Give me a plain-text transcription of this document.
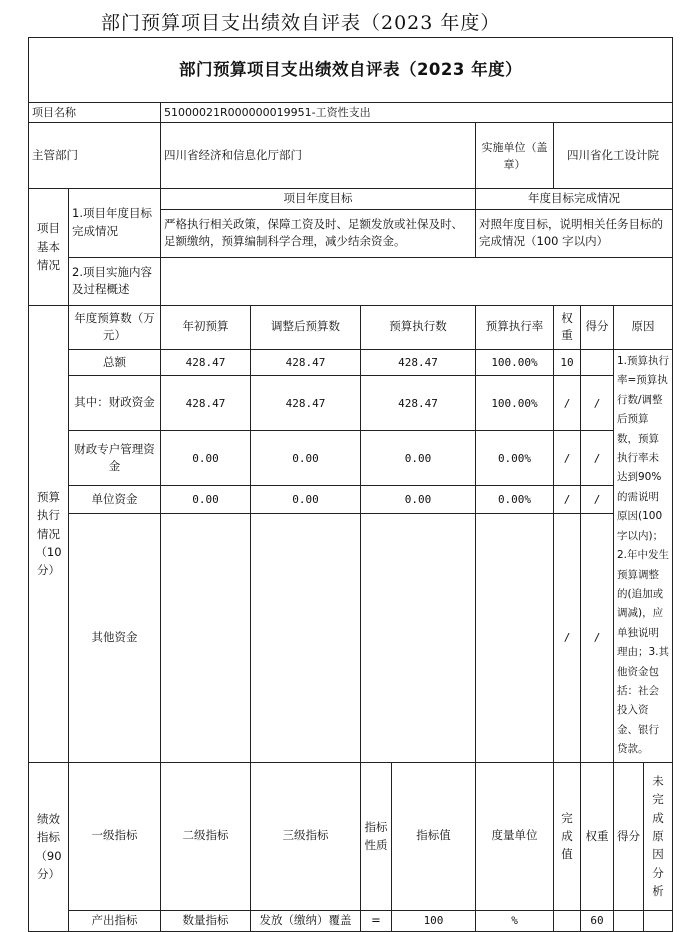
部门预算项目支出绩效自评表（2023 年度）
部门预算项目支出绩效自评表（2023 年度）										
项目名称		51000021R000000019951-工资性支出								
主管部门		四川省经济和信息化厅部门				实施单位（盖章）	四川省化工设计院			
项目基本情况	1.项目年度目标完成情况	项目年度目标				年度目标完成情况				
		严格执行相关政策，保障工资及时、足额发放或社保及时、足额缴纳，预算编制科学合理，减少结余资金。				对照年度目标，说明相关任务目标的完成情况（100 字以内）				
	2.项目实施内容及过程概述									
预算执行情况（10分）	年度预算数（万元）	年初预算	调整后预算数	预算执行数		预算执行率	权重	得分	原因	
	总额	428.47	428.47	428.47		100.00%	10		1.预算执行率=预算执行数/调整后预算数，预算执行率未达到90%的需说明原因(100 字以内)；2.年中发生预算调整的(追加或调减)，应单独说明理由；3.其他资金包括：社会投入资金、银行贷款。	
	其中：财政资金	428.47	428.47	428.47		100.00%	/	/		
	财政专户管理资金	0.00	0.00	0.00		0.00%	/	/		
	单位资金	0.00	0.00	0.00		0.00%	/	/		
	其他资金						/	/		
绩效指标（90分）	一级指标	二级指标	三级指标	指标性质	指标值	度量单位	完成值	权重	得分	未完成原因分析
	产出指标	数量指标	发放（缴纳）覆盖	=	100	%		60		
